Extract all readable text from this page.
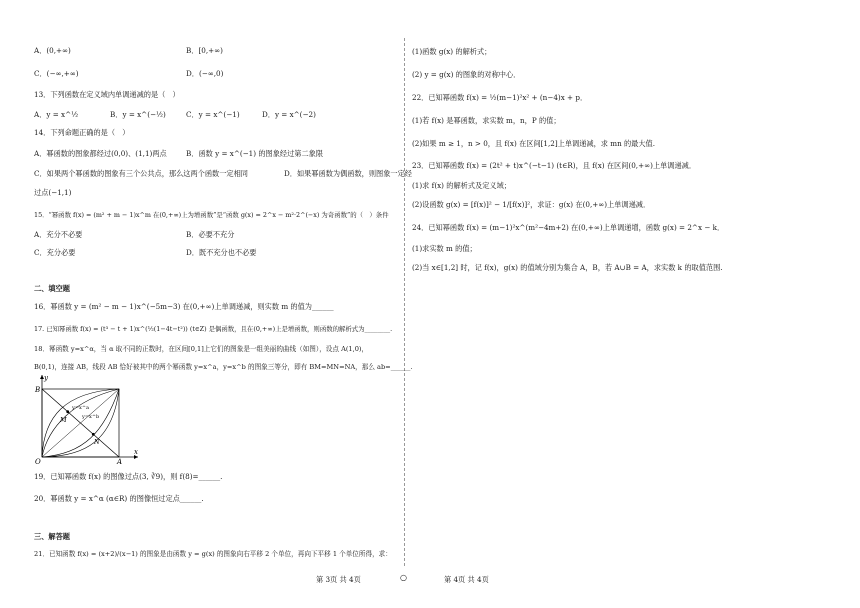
A．(0,+∞)	B．[0,+∞)
C．(−∞,+∞)	D．(−∞,0)
13．下列函数在定义域内单调递减的是（　）
A．y = x^½	B．y = x^(−½)	C．y = x^(−1)	D．y = x^(−2)
14．下列命题正确的是（　）
A．幂函数的图象都经过(0,0)、(1,1)两点	B．函数 y = x^(−1) 的图象经过第二象限
C．如果两个幂函数的图象有三个公共点，那么这两个函数一定相同	D．如果幂函数为偶函数，则图象一定经
过点(−1,1)
15．“幂函数 f(x) = (m² + m − 1)x^m 在(0,+∞)上为增函数”是“函数 g(x) = 2^x − m²·2^(−x) 为奇函数”的（　）条件
A．充分不必要	B．必要不充分
C．充分必要	D．既不充分也不必要
二、填空题
16．幂函数 y = (m² − m − 1)x^(−5m−3) 在(0,+∞)上单调递减，则实数 m 的值为______
17. 已知幂函数 f(x) = (t³ − t + 1)x^(½(1−4t−t²)) (t∈Z) 是偶函数，且在(0,+∞)上是增函数，则函数的解析式为________.
18．幂函数 y=x^α，当 α 取不同的正数时，在区间[0,1]上它们的图象是一组美丽的曲线（如图），设点 A(1,0)，
B(0,1)，连接 AB，线段 AB 恰好被其中的两个幂函数 y=x^a，y=x^b 的图象三等分，即有 BM=MN=NA，那么 ab=______.
y
x
B
A
O
M
N
y=x^a
y=x^b
19．已知幂函数 f(x) 的图像过点(3, ∛9)，则 f(8)=______.
20．幂函数 y = x^α (α∈R) 的图像恒过定点______.
三、解答题
21．已知函数 f(x) = (x+2)/(x−1) 的图象是由函数 y = g(x) 的图象向右平移 2 个单位，再向下平移 1 个单位所得，求：
(1)函数 g(x) 的解析式；
(2) y = g(x) 的图象的对称中心．
22．已知幂函数 f(x) = ½(m−1)²x² + (n−4)x + p．
(1)若 f(x) 是幂函数，求实数 m，n，P 的值；
(2)如果 m ≥ 1，n > 0，且 f(x) 在区间[1,2]上单调递减，求 mn 的最大值.
23．已知幂函数 f(x) = (2t² + t)x^(−t−1) (t∈R)，且 f(x) 在区间(0,+∞)上单调递减．
(1)求 f(x) 的解析式及定义域；
(2)设函数 g(x) = [f(x)]² − 1/[f(x)]²，求证：g(x) 在(0,+∞)上单调递减．
24．已知幂函数 f(x) = (m−1)²x^(m²−4m+2) 在(0,+∞)上单调递增，函数 g(x) = 2^x − k．
(1)求实数 m 的值；
(2)当 x∈[1,2] 时，记 f(x)，g(x) 的值域分别为集合 A，B，若 A∪B = A，求实数 k 的取值范围.
第 3页 共 4页	○	第 4页 共 4页
